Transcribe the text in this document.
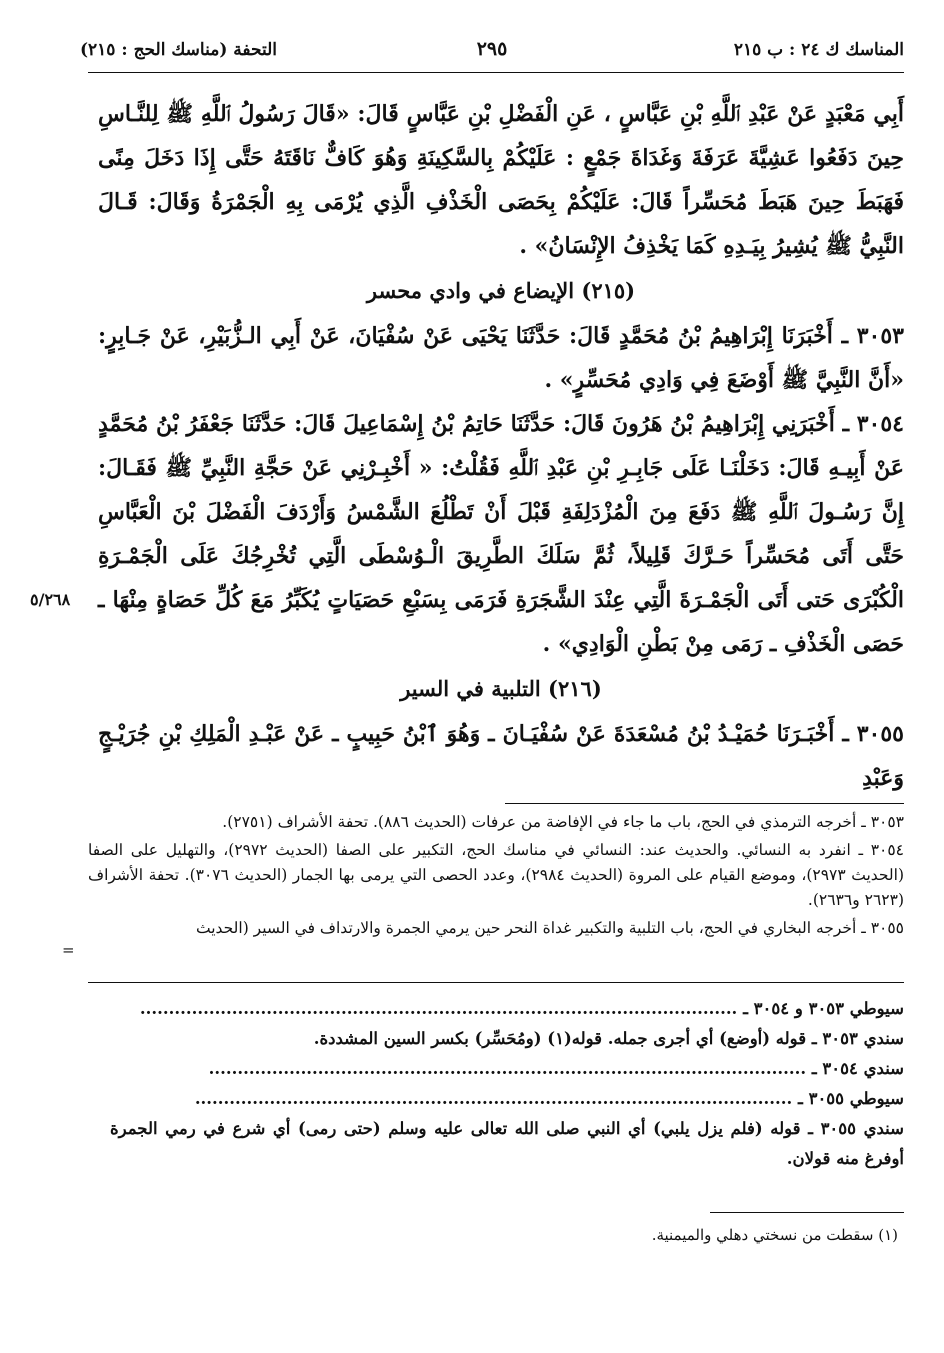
المناسك ك ٢٤ : ب ٢١٥
٢٩٥
التحفة (مناسك الحج : ٢١٥)

أَبِي مَعْبَدٍ عَنْ عَبْدِ ٱللَّهِ بْنِ عَبَّاسٍ ، عَنِ الْفَضْلِ بْنِ عَبَّاسٍ قَالَ: «قَالَ رَسُولُ ٱللَّهِ ﷺ لِلنَّـاسِ حِينَ دَفَعُوا عَشِيَّةَ عَرَفَةَ وَغَدَاةَ جَمْعٍ : عَلَيْكُمْ بِالسَّكِينَةِ وَهُوَ كَافٌّ نَاقَتَهُ حَتَّى إِذَا دَخَلَ مِنًى فَهَبَطَ حِينَ هَبَطَ مُحَسِّراً قَالَ: عَلَيْكُمْ بِحَصَى الْخَذْفِ الَّذِي يُرْمَى بِهِ الْجَمْرَةُ وَقَالَ: قَـالَ النَّبِيُّ ﷺ يُشِيرُ بِيَـدِهِ كَمَا يَخْذِفُ الإِنْسَانُ» .

(٢١٥) الإيضاع في وادي محسر

٣٠٥٣ ـ أَخْبَرَنَا إِبْرَاهِيمُ بْنُ مُحَمَّدٍ قَالَ: حَدَّثَنَا يَحْيَى عَنْ سُفْيَانَ، عَنْ أَبِي الـزُّبَيْرِ، عَنْ جَـابِرٍ: «أَنَّ النَّبِيَّ ﷺ أَوْضَعَ فِي وَادِي مُحَسِّرٍ» .

٣٠٥٤ ـ أَخْبَرَنِي إِبْرَاهِيمُ بْنُ هَرُونَ قَالَ: حَدَّثَنَا حَاتِمُ بْنُ إِسْمَاعِيلَ قَالَ: حَدَّثَنَا جَعْفَرُ بْنُ مُحَمَّدٍ عَنْ أَبِيـهِ قَالَ: دَخَلْنَـا عَلَى جَابِـرِ بْنِ عَبْدِ ٱللَّهِ فَقُلْتُ: « أَخْبِـرْنِي عَنْ حَجَّةِ النَّبِيِّ ﷺ فَقَـالَ: إِنَّ رَسُـولَ ٱللَّهِ ﷺ دَفَعَ مِنَ الْمُزْدَلِفَةِ قَبْلَ أَنْ تَطْلُعَ الشَّمْسُ وَأَرْدَفَ الْفَضْلَ بْنَ الْعَبَّاسِ حَتَّى أَتَى مُحَسِّراً حَـرَّكَ قَلِيلاً، ثُمَّ سَلَكَ الطَّرِيقَ الْـوُسْطَى الَّتِي تُخْرِجُكَ عَلَى الْجَمْـرَةِ الْكُبْرَى حَتى أَتَى الْجَمْـرَةَ الَّتِي عِنْدَ الشَّجَرَةِ فَرَمَى بِسَبْعِ حَصَيَاتٍ يُكَبِّرُ مَعَ كُلِّ حَصَاةٍ مِنْهَا ـ حَصَى الْخَذْفِ ـ رَمَى مِنْ بَطْنِ الْوَادِي» .

(٢١٦) التلبية في السير

٣٠٥٥ ـ أَخْبَـرَنَا حُمَيْـدُ بْنُ مُسْعَدَةَ عَنْ سُفْيَـانَ ـ وَهُوَ ٱبْنُ حَبِيبٍ ـ عَنْ عَبْـدِ الْمَلِكِ بْنِ جُرَيْـجٍ وَعَبْدِ

٥/٢٦٨

٣٠٥٣ ـ أخرجه الترمذي في الحج، باب ما جاء في الإفاضة من عرفات (الحديث ٨٨٦). تحفة الأشراف (٢٧٥١).

٣٠٥٤ ـ انفرد به النسائي. والحديث عند: النسائي في مناسك الحج، التكبير على الصفا (الحديث ٢٩٧٢)، والتهليل على الصفا (الحديث ٢٩٧٣)، وموضع القيام على المروة (الحديث ٢٩٨٤)، وعدد الحصى التي يرمى بها الجمار (الحديث ٣٠٧٦). تحفة الأشراف (٢٦٢٣ و٢٦٣٦).

٣٠٥٥ ـ أخرجه البخاري في الحج، باب التلبية والتكبير غداة النحر حين يرمي الجمرة والارتداف في السير (الحديث

=
سيوطي ٣٠٥٣ و ٣٠٥٤ ـ ........................................................................................................
سندي ٣٠٥٣ ـ قوله (أوضع) أي أجرى جمله. قوله(١) (ومُحَسِّر) بكسر السين المشددة.
سندي ٣٠٥٤ ـ ........................................................................................................
سيوطي ٣٠٥٥ ـ ........................................................................................................
سندي ٣٠٥٥ ـ قوله (فلم يزل يلبي) أي النبي صلى الله تعالى عليه وسلم (حتى رمى) أي شرع في رمي الجمرة أوفرغ منه قولان.
(١) سقطت من نسختي دهلي والميمنية.
